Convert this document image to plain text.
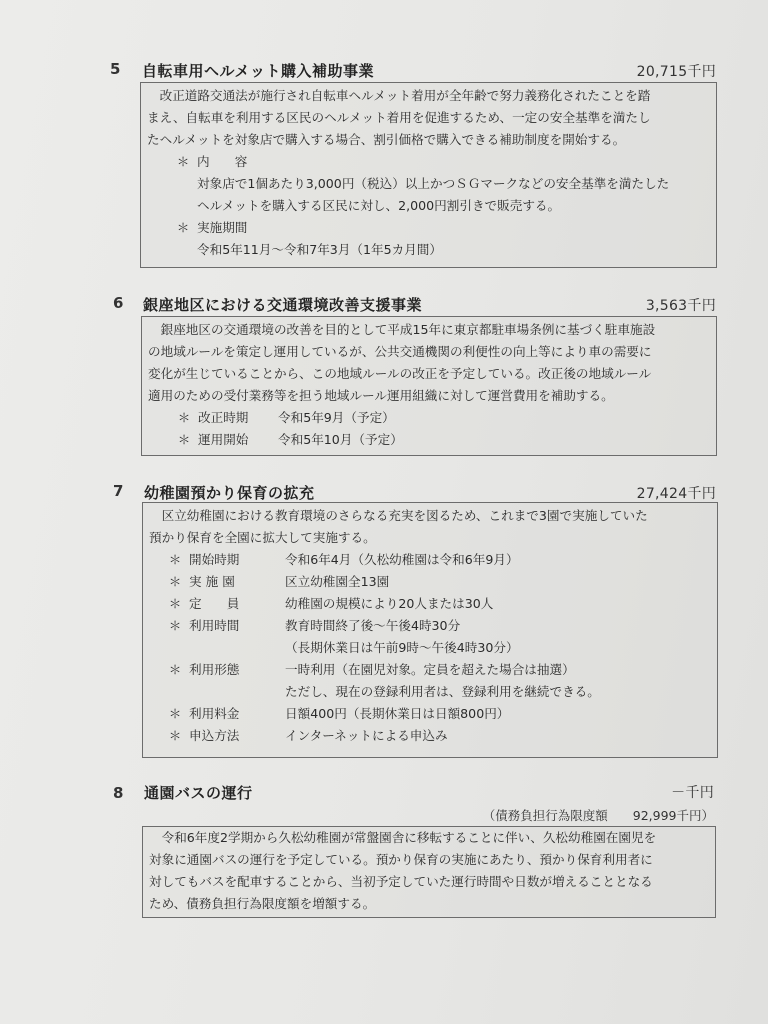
5 自転車用ヘルメット購入補助事業	20,715千円

改正道路交通法が施行され自転車ヘルメット着用が全年齢で努力義務化されたことを踏

まえ、自転車を利用する区民のヘルメット着用を促進するため、一定の安全基準を満たし

たヘルメットを対象店で購入する場合、割引価格で購入できる補助制度を開始する。

＊ 内　　容

対象店で1個あたり3,000円（税込）以上かつＳＧマークなどの安全基準を満たした

ヘルメットを購入する区民に対し、2,000円割引きで販売する。

＊ 実施期間

令和5年11月～令和7年3月（1年5カ月間）

6 銀座地区における交通環境改善支援事業	3,563千円

銀座地区の交通環境の改善を目的として平成15年に東京都駐車場条例に基づく駐車施設

の地域ルールを策定し運用しているが、公共交通機関の利便性の向上等により車の需要に

変化が生じていることから、この地域ルールの改正を予定している。改正後の地域ルール

適用のための受付業務等を担う地域ルール運用組織に対して運営費用を補助する。

＊ 改正時期	令和5年9月（予定）
＊ 運用開始	令和5年10月（予定）
7 幼稚園預かり保育の拡充	27,424千円

区立幼稚園における教育環境のさらなる充実を図るため、これまで3園で実施していた

預かり保育を全園に拡大して実施する。

＊ 開始時期	令和6年4月（久松幼稚園は令和6年9月）
＊ 実 施 園	区立幼稚園全13園
＊ 定　　員	幼稚園の規模により20人または30人
＊ 利用時間	教育時間終了後～午後4時30分

（長期休業日は午前9時～午後4時30分）

＊ 利用形態	一時利用（在園児対象。定員を超えた場合は抽選）

ただし、現在の登録利用者は、登録利用を継続できる。

＊ 利用料金	日額400円（長期休業日は日額800円）
＊ 申込方法	インターネットによる申込み
8 通園バスの運行	－千円
（債務負担行為限度額　　92,999千円）

令和6年度2学期から久松幼稚園が常盤園舎に移転することに伴い、久松幼稚園在園児を

対象に通園バスの運行を予定している。預かり保育の実施にあたり、預かり保育利用者に

対してもバスを配車することから、当初予定していた運行時間や日数が増えることとなる

ため、債務負担行為限度額を増額する。
